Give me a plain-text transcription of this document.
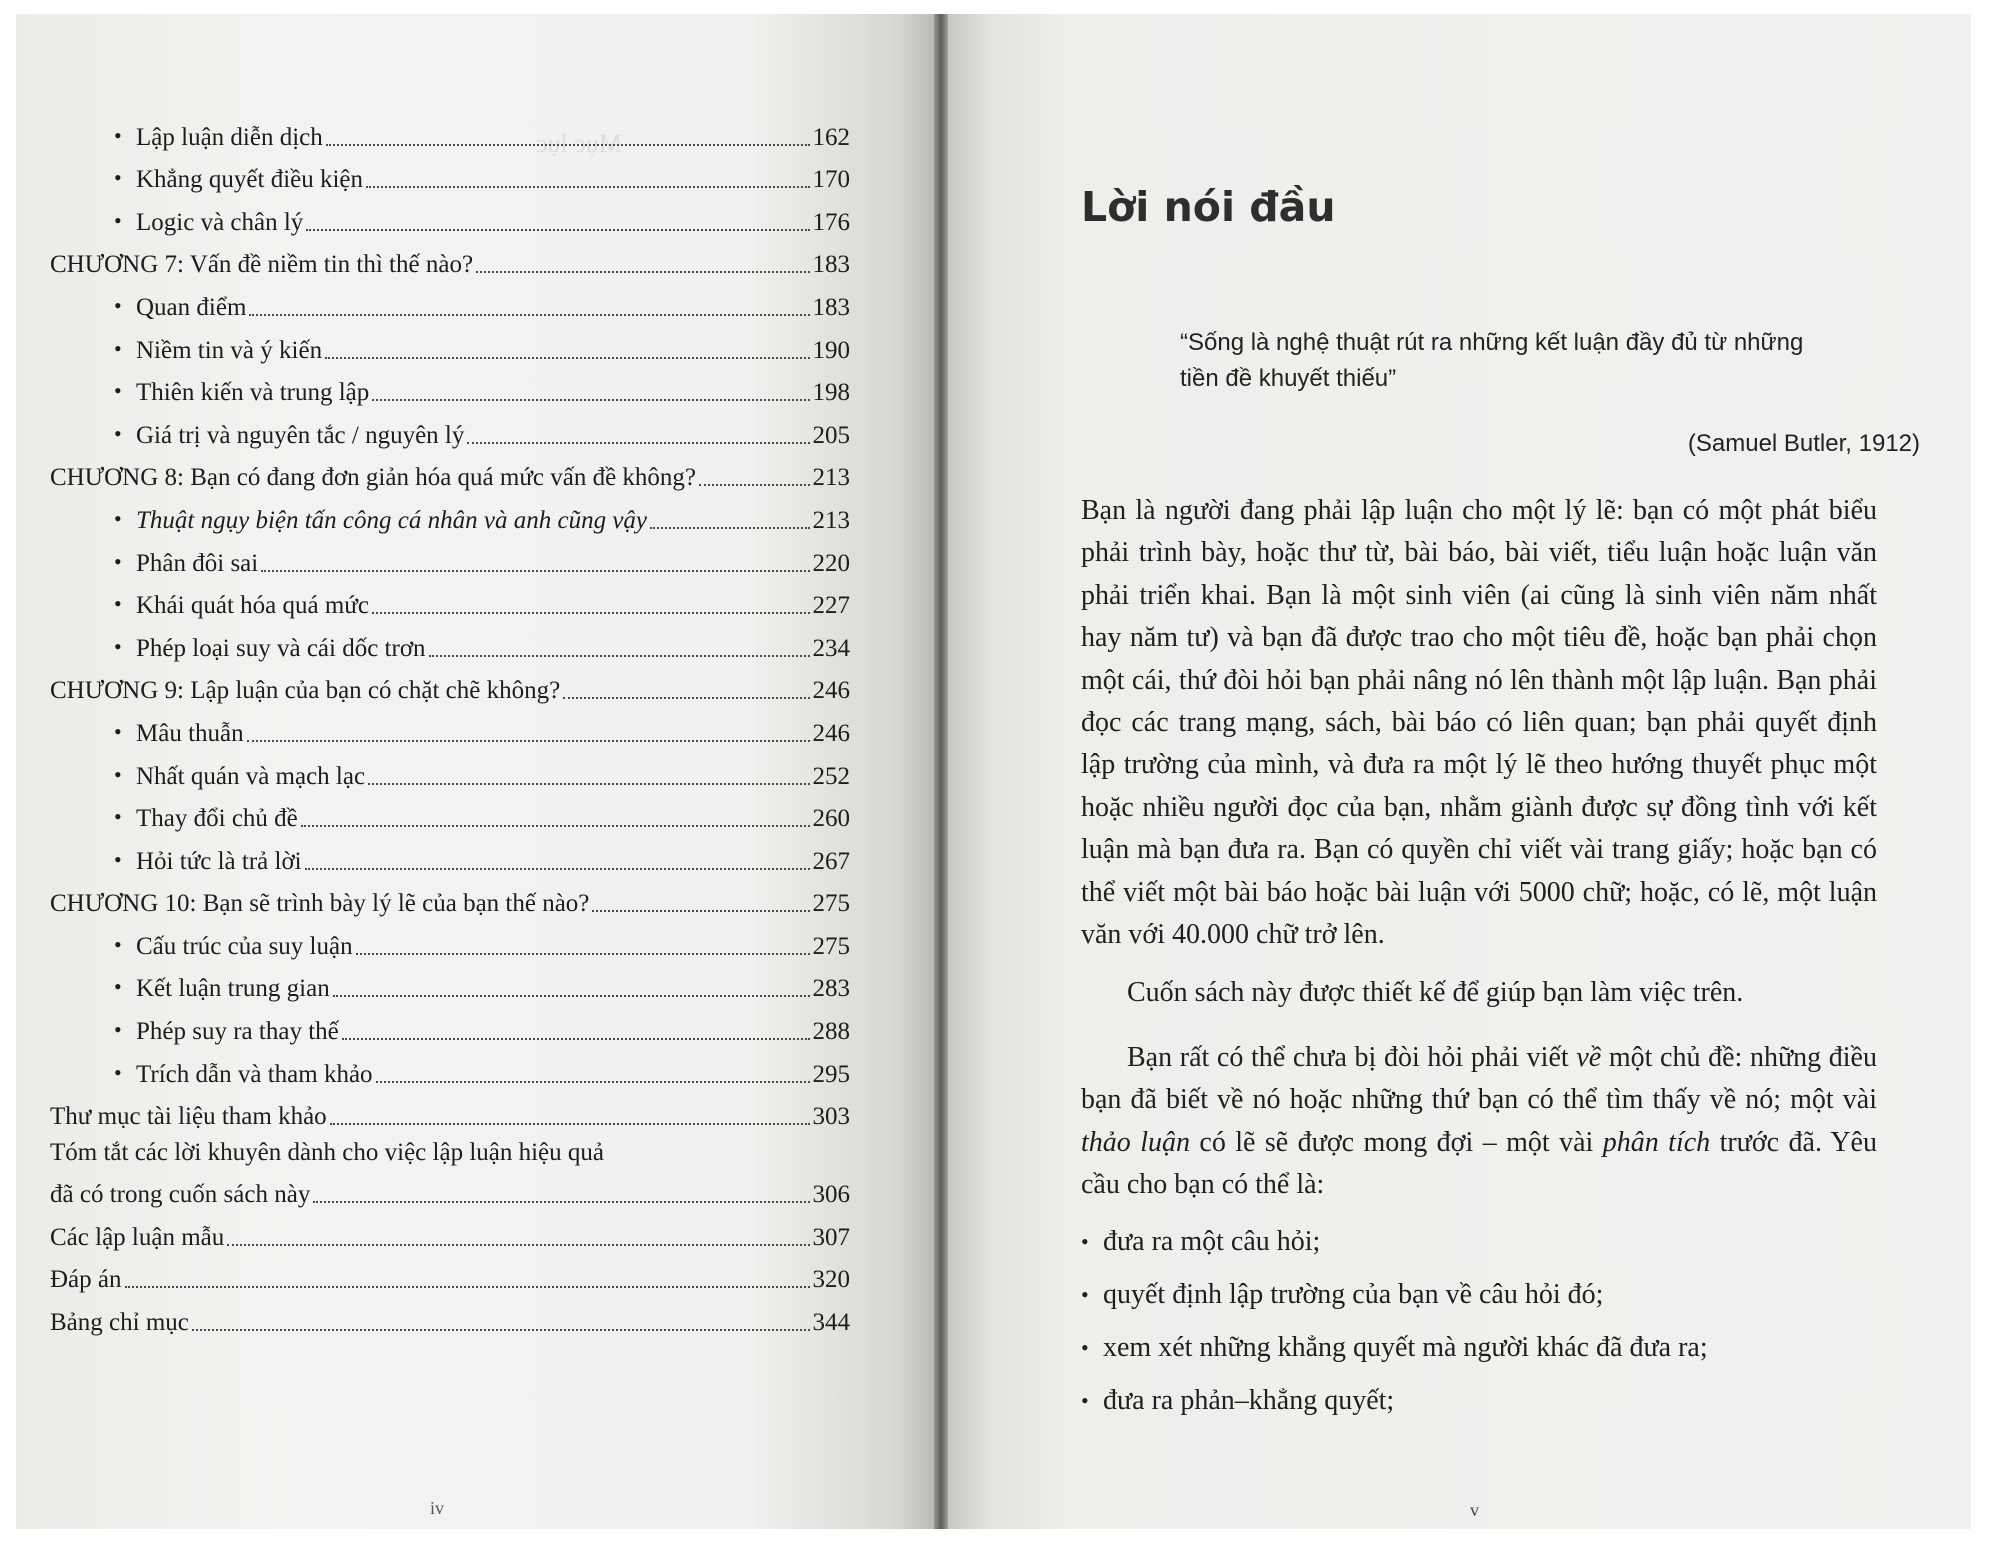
Mục lục
• Lập luận diễn dịch	162
• Khẳng quyết điều kiện	170
• Logic và chân lý	176
CHƯƠNG 7: Vấn đề niềm tin thì thế nào?	183
• Quan điểm	183
• Niềm tin và ý kiến	190
• Thiên kiến và trung lập	198
• Giá trị và nguyên tắc / nguyên lý	205
CHƯƠNG 8: Bạn có đang đơn giản hóa quá mức vấn đề không?	213
• Thuật ngụy biện tấn công cá nhân và anh cũng vậy	213
• Phân đôi sai	220
• Khái quát hóa quá mức	227
• Phép loại suy và cái dốc trơn	234
CHƯƠNG 9: Lập luận của bạn có chặt chẽ không?	246
• Mâu thuẫn	246
• Nhất quán và mạch lạc	252
• Thay đổi chủ đề	260
• Hỏi tức là trả lời	267
CHƯƠNG 10: Bạn sẽ trình bày lý lẽ của bạn thế nào?	275
• Cấu trúc của suy luận	275
• Kết luận trung gian	283
• Phép suy ra thay thế	288
• Trích dẫn và tham khảo	295
Thư mục tài liệu tham khảo	303
Tóm tắt các lời khuyên dành cho việc lập luận hiệu quả
đã có trong cuốn sách này	306
Các lập luận mẫu	307
Đáp án	320
Bảng chỉ mục	344
iv
Lời nói đầu
“Sống là nghệ thuật rút ra những kết luận đầy đủ từ những tiền đề khuyết thiếu”
(Samuel Butler, 1912)

Bạn là người đang phải lập luận cho một lý lẽ: bạn có một phát biểu phải trình bày, hoặc thư từ, bài báo, bài viết, tiểu luận hoặc luận văn phải triển khai. Bạn là một sinh viên (ai cũng là sinh viên năm nhất hay năm tư) và bạn đã được trao cho một tiêu đề, hoặc bạn phải chọn một cái, thứ đòi hỏi bạn phải nâng nó lên thành một lập luận. Bạn phải đọc các trang mạng, sách, bài báo có liên quan; bạn phải quyết định lập trường của mình, và đưa ra một lý lẽ theo hướng thuyết phục một hoặc nhiều người đọc của bạn, nhằm giành được sự đồng tình với kết luận mà bạn đưa ra. Bạn có quyền chỉ viết vài trang giấy; hoặc bạn có thể viết một bài báo hoặc bài luận với 5000 chữ; hoặc, có lẽ, một luận văn với 40.000 chữ trở lên.

Cuốn sách này được thiết kế để giúp bạn làm việc trên.

Bạn rất có thể chưa bị đòi hỏi phải viết về một chủ đề: những điều bạn đã biết về nó hoặc những thứ bạn có thể tìm thấy về nó; một vài thảo luận có lẽ sẽ được mong đợi – một vài phân tích trước đã. Yêu cầu cho bạn có thể là:

• đưa ra một câu hỏi;
• quyết định lập trường của bạn về câu hỏi đó;
• xem xét những khẳng quyết mà người khác đã đưa ra;
• đưa ra phản–khẳng quyết;
v
